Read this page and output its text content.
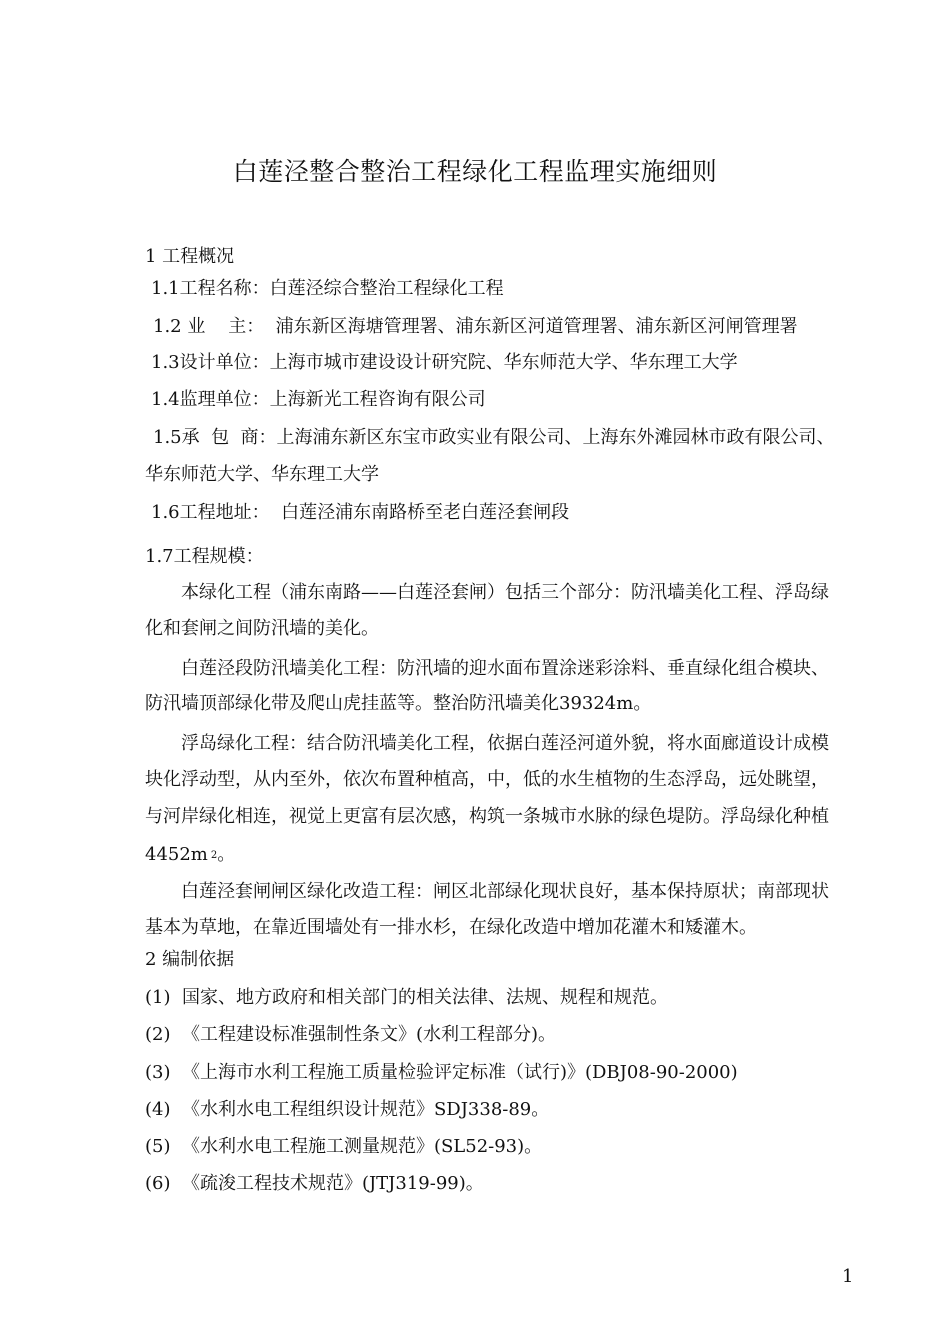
白莲泾整合整治工程绿化工程监理实施细则
1 工程概况
1.1工程名称：白莲泾综合整治工程绿化工程
1.2 业    主：  浦东新区海塘管理署、浦东新区河道管理署、浦东新区河闸管理署
1.3设计单位：上海市城市建设设计研究院、华东师范大学、华东理工大学
1.4监理单位：上海新光工程咨询有限公司
1.5承  包  商：上海浦东新区东宝市政实业有限公司、上海东外滩园林市政有限公司、
华东师范大学、华东理工大学
1.6工程地址：  白莲泾浦东南路桥至老白莲泾套闸段
1.7工程规模：
本绿化工程（浦东南路——白莲泾套闸）包括三个部分：防汛墙美化工程、浮岛绿
化和套闸之间防汛墙的美化。
白莲泾段防汛墙美化工程：防汛墙的迎水面布置涂迷彩涂料、垂直绿化组合模块、
防汛墙顶部绿化带及爬山虎挂蓝等。整治防汛墙美化39324m。
浮岛绿化工程：结合防汛墙美化工程，依据白莲泾河道外貌，将水面廊道设计成模
块化浮动型，从内至外，依次布置种植高，中，低的水生植物的生态浮岛，远处眺望，
与河岸绿化相连，视觉上更富有层次感，构筑一条城市水脉的绿色堤防。浮岛绿化种植
4452m $^2$。
白莲泾套闸闸区绿化改造工程：闸区北部绿化现状良好，基本保持原状；南部现状
基本为草地，在靠近围墙处有一排水杉，在绿化改造中增加花灌木和矮灌木。
2 编制依据
(1)  国家、地方政府和相关部门的相关法律、法规、规程和规范。
(2)  《工程建设标准强制性条文》(水利工程部分)。
(3)  《上海市水利工程施工质量检验评定标准（试行)》(DBJ08-90-2000)
(4)  《水利水电工程组织设计规范》SDJ338-89。
(5)  《水利水电工程施工测量规范》(SL52-93)。
(6)  《疏浚工程技术规范》(JTJ319-99)。
1
